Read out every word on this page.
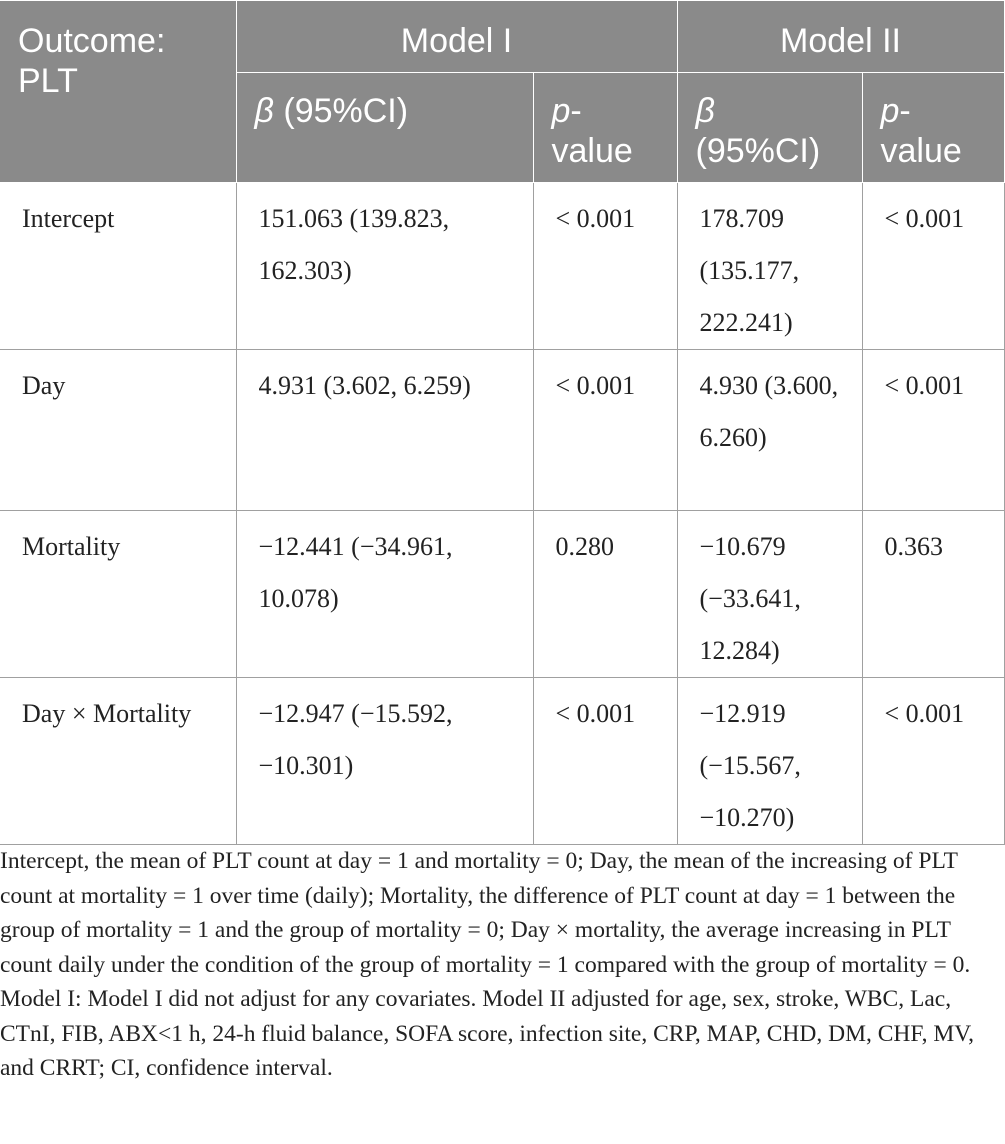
Outcome: PLT	Model I		Model II	
	β (95%CI)	p-value	β (95%CI)	p-value
Intercept	151.063 (139.823, 162.303)	< 0.001	178.709 (135.177, 222.241)	< 0.001
Day	4.931 (3.602, 6.259)	< 0.001	4.930 (3.600, 6.260)	< 0.001
Mortality	−12.441 (−34.961, 10.078)	0.280	−10.679 (−33.641, 12.284)	0.363
Day × Mortality	−12.947 (−15.592, −10.301)	< 0.001	−12.919 (−15.567, −10.270)	< 0.001

Intercept, the mean of PLT count at day = 1 and mortality = 0; Day, the mean of the increasing of PLT count at mortality = 1 over time (daily); Mortality, the difference of PLT count at day = 1 between the group of mortality = 1 and the group of mortality = 0; Day × mortality, the average increasing in PLT count daily under the condition of the group of mortality = 1 compared with the group of mortality = 0. Model I: Model I did not adjust for any covariates. Model II adjusted for age, sex, stroke, WBC, Lac, CTnI, FIB, ABX<1 h, 24-h fluid balance, SOFA score, infection site, CRP, MAP, CHD, DM, CHF, MV, and CRRT; CI, confidence interval.
